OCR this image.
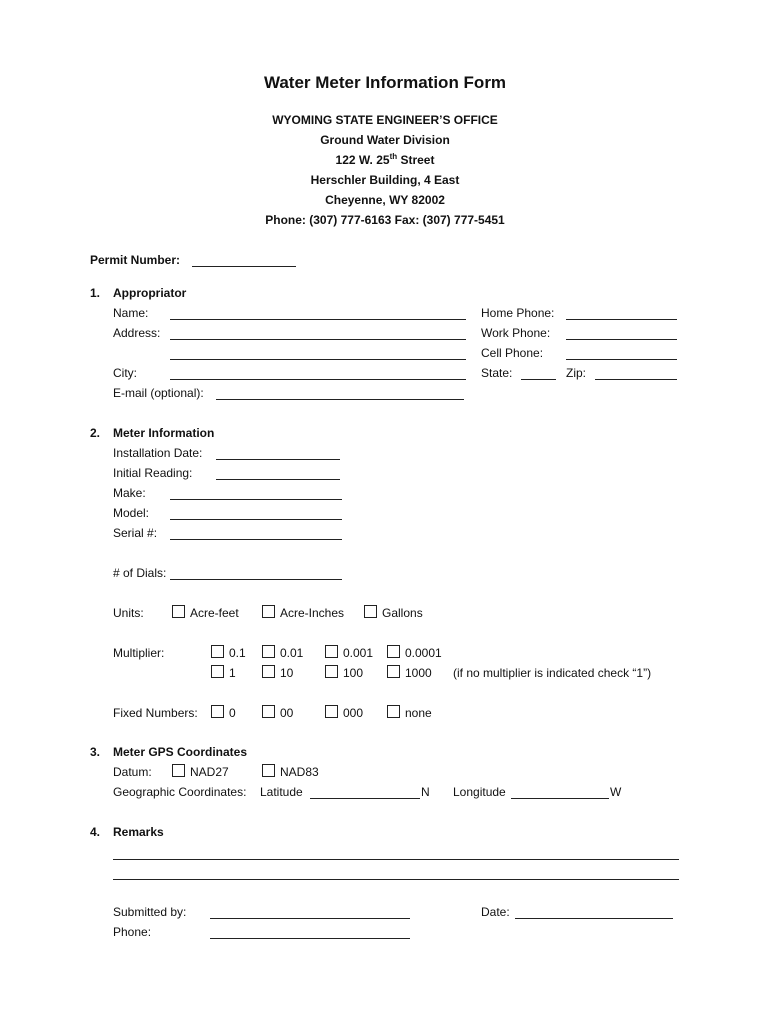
Water Meter Information Form
WYOMING STATE ENGINEER’S OFFICE
Ground Water Division
122 W. 25th Street
Herschler Building, 4 East
Cheyenne, WY 82002
Phone: (307) 777-6163 Fax: (307) 777-5451
Permit Number:
1. Appropriator
Name:
Address:
City:
E-mail (optional):
Home Phone:
Work Phone:
Cell Phone:
State:	Zip:
2. Meter Information
Installation Date:
Initial Reading:
Make:
Model:
Serial #:
# of Dials:
Units:	Acre-feet	Acre-Inches	Gallons
Multiplier:	0.1	0.01	0.001	0.0001
1	10	100	1000 (if no multiplier is indicated check “1”)
Fixed Numbers:	0	00	000	none
3. Meter GPS Coordinates
Datum:	NAD27	NAD83
Geographic Coordinates: Latitude	N Longitude	W
4. Remarks
Submitted by:	Date:
Phone:
